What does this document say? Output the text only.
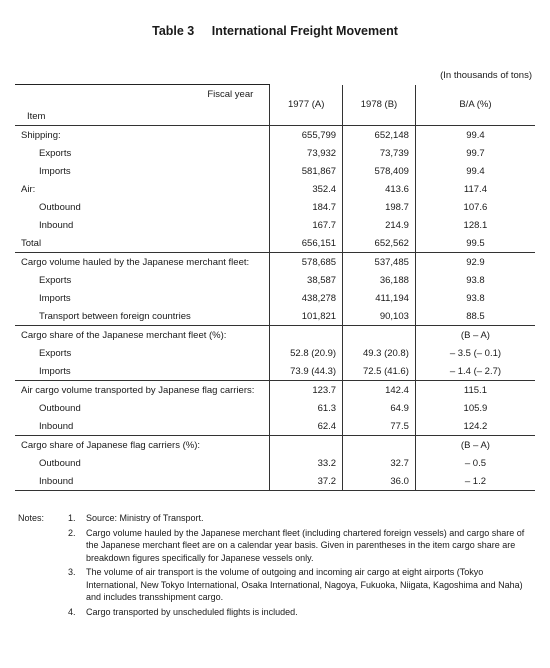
Table 3 International Freight Movement
(In thousands of tons)
Fiscal year
Item	1977 (A)	1978 (B)	B/A (%)
Shipping:	655,799	652,148	99.4
Exports	73,932	73,739	99.7
Imports	581,867	578,409	99.4
Air:	352.4	413.6	117.4
Outbound	184.7	198.7	107.6
Inbound	167.7	214.9	128.1
Total	656,151	652,562	99.5
Cargo volume hauled by the Japanese merchant fleet:	578,685	537,485	92.9
Exports	38,587	36,188	93.8
Imports	438,278	411,194	93.8
Transport between foreign countries	101,821	90,103	88.5
Cargo share of the Japanese merchant fleet (%):			(B – A)
Exports	52.8 (20.9)	49.3 (20.8)	– 3.5 (– 0.1)
Imports	73.9 (44.3)	72.5 (41.6)	– 1.4 (– 2.7)
Air cargo volume transported by Japanese flag carriers:	123.7	142.4	115.1
Outbound	61.3	64.9	105.9
Inbound	62.4	77.5	124.2
Cargo share of Japanese flag carriers (%):			(B – A)
Outbound	33.2	32.7	– 0.5
Inbound	37.2	36.0	– 1.2
Notes:	1.	Source: Ministry of Transport.
2.	Cargo volume hauled by the Japanese merchant fleet (including chartered foreign vessels) and cargo share of the Japanese merchant fleet are on a calendar year basis. Given in parentheses in the item cargo share are breakdown figures specifically for Japanese vessels only.
3.	The volume of air transport is the volume of outgoing and incoming air cargo at eight airports (Tokyo International, New Tokyo International, Osaka International, Nagoya, Fukuoka, Niigata, Kagoshima and Naha) and includes transshipment cargo.
4.	Cargo transported by unscheduled flights is included.
